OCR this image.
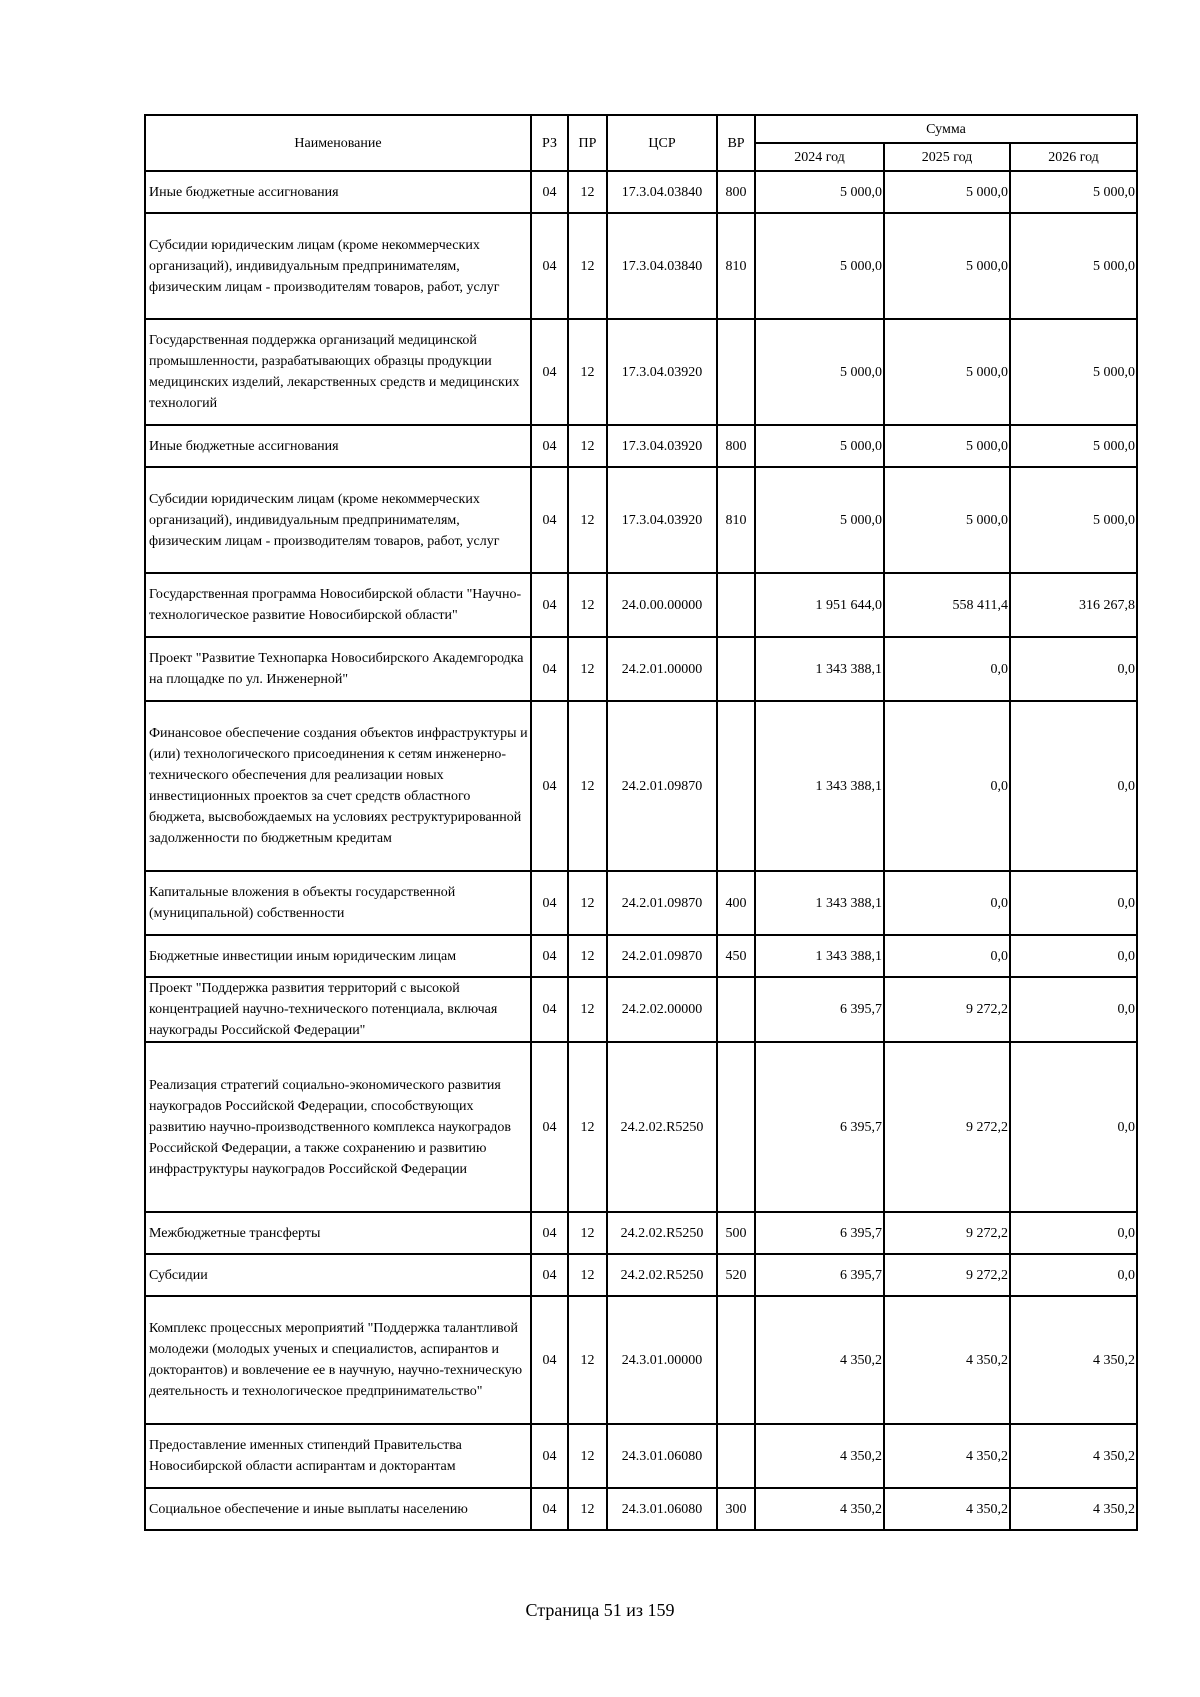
Наименование	РЗ	ПР	ЦСР	ВР	Сумма		
					2024 год	2025 год	2026 год
Иные бюджетные ассигнования	04	12	17.3.04.03840	800	5 000,0	5 000,0	5 000,0
Субсидии юридическим лицам (кроме некоммерческих организаций), индивидуальным предпринимателям, физическим лицам - производителям товаров, работ, услуг	04	12	17.3.04.03840	810	5 000,0	5 000,0	5 000,0
Государственная поддержка организаций медицинской промышленности, разрабатывающих образцы продукции медицинских изделий, лекарственных средств и медицинских технологий	04	12	17.3.04.03920		5 000,0	5 000,0	5 000,0
Иные бюджетные ассигнования	04	12	17.3.04.03920	800	5 000,0	5 000,0	5 000,0
Субсидии юридическим лицам (кроме некоммерческих организаций), индивидуальным предпринимателям, физическим лицам - производителям товаров, работ, услуг	04	12	17.3.04.03920	810	5 000,0	5 000,0	5 000,0
Государственная программа Новосибирской области "Научно-технологическое развитие Новосибирской области"	04	12	24.0.00.00000		1 951 644,0	558 411,4	316 267,8
Проект "Развитие Технопарка Новосибирского Академгородка на площадке по ул. Инженерной"	04	12	24.2.01.00000		1 343 388,1	0,0	0,0
Финансовое обеспечение создания объектов инфраструктуры и (или) технологического присоединения к сетям инженерно-технического обеспечения для реализации новых инвестиционных проектов за счет средств областного бюджета, высвобождаемых на условиях реструктурированной задолженности по бюджетным кредитам	04	12	24.2.01.09870		1 343 388,1	0,0	0,0
Капитальные вложения в объекты государственной (муниципальной) собственности	04	12	24.2.01.09870	400	1 343 388,1	0,0	0,0
Бюджетные инвестиции иным юридическим лицам	04	12	24.2.01.09870	450	1 343 388,1	0,0	0,0
Проект "Поддержка развития территорий с высокой концентрацией научно-технического потенциала, включая наукограды Российской Федерации"	04	12	24.2.02.00000		6 395,7	9 272,2	0,0
Реализация стратегий социально-экономического развития наукоградов Российской Федерации, способствующих развитию научно-производственного комплекса наукоградов Российской Федерации, а также сохранению и развитию инфраструктуры наукоградов Российской Федерации	04	12	24.2.02.R5250		6 395,7	9 272,2	0,0
Межбюджетные трансферты	04	12	24.2.02.R5250	500	6 395,7	9 272,2	0,0
Субсидии	04	12	24.2.02.R5250	520	6 395,7	9 272,2	0,0
Комплекс процессных мероприятий "Поддержка талантливой молодежи (молодых ученых и специалистов, аспирантов и докторантов) и вовлечение ее в научную, научно-техническую деятельность и технологическое предпринимательство"	04	12	24.3.01.00000		4 350,2	4 350,2	4 350,2
Предоставление именных стипендий Правительства Новосибирской области аспирантам и докторантам	04	12	24.3.01.06080		4 350,2	4 350,2	4 350,2
Социальное обеспечение и иные выплаты населению	04	12	24.3.01.06080	300	4 350,2	4 350,2	4 350,2
Страница 51 из 159
